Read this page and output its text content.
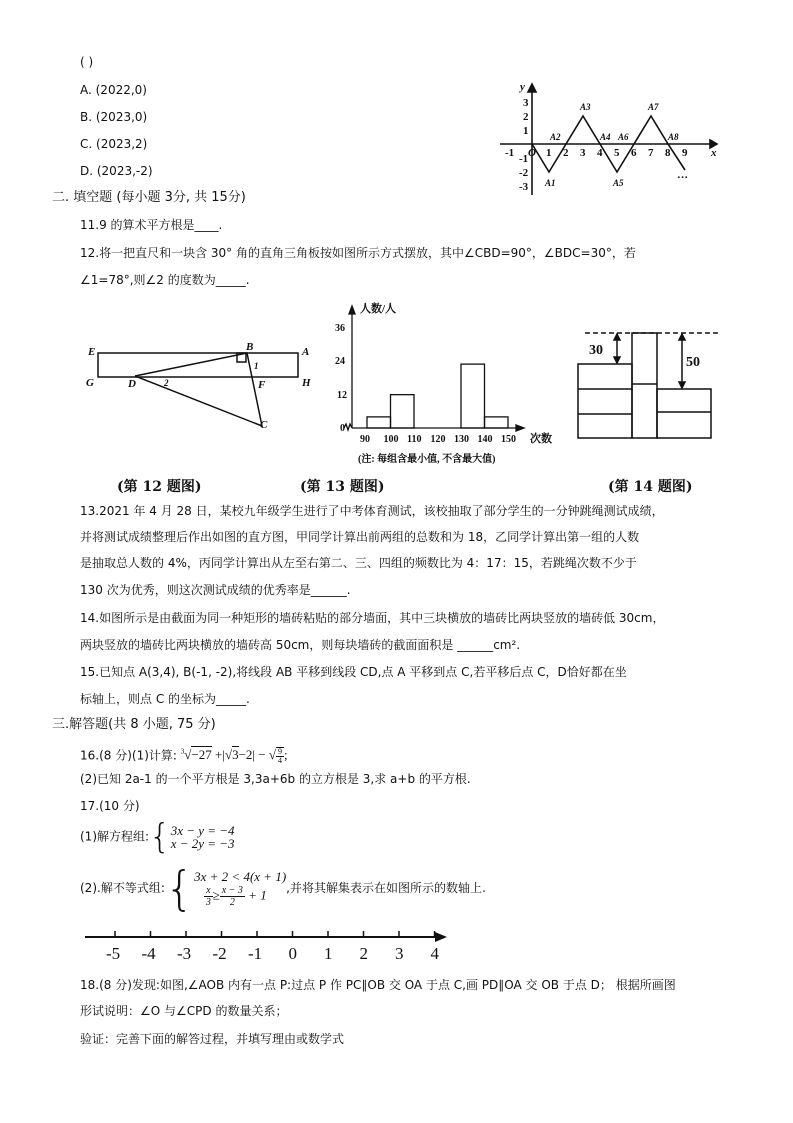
( )
A. (2022,0)
B. (2023,0)
C. (2023,2)
D. (2023,-2)
-1	1 2 3 4 5 6 7 8 9
3
2
1
-1
-2
-3
O	x
y
A1
A2
A3
A4
A5
A6
A7
A8
…
二. 填空题 (每小题 3分, 共 15分)
11.9 的算术平方根是____.
12.将一把直尺和一块含 30° 角的直角三角板按如图所示方式摆放，其中∠CBD=90°，∠BDC=30°，若
∠1=78°,则∠2 的度数为_____.
E	B	A
G	D	H
F
C
1
2
(第 12 题图)
人数/人
36
24
12
0
90 100 110 120 130 140 150 次数
(注: 每组含最小值, 不含最大值)
(第 13 题图)
30
50
(第 14 题图)
13.2021 年 4 月 28 日，某校九年级学生进行了中考体育测试，该校抽取了部分学生的一分钟跳绳测试成绩，
并将测试成绩整理后作出如图的直方图，甲同学计算出前两组的总数和为 18，乙同学计算出第一组的人数
是抽取总人数的 4%，丙同学计算出从左至右第二、三、四组的频数比为 4：17：15，若跳绳次数不少于
130 次为优秀，则这次测试成绩的优秀率是______.
14.如图所示是由截面为同一种矩形的墙砖粘贴的部分墙面，其中三块横放的墙砖比两块竖放的墙砖低 30cm，
两块竖放的墙砖比两块横放的墙砖高 50cm，则每块墙砖的截面面积是 ______cm².
15.已知点 A(3,4), B(-1, -2),将线段 AB 平移到线段 CD,点 A 平移到点 C,若平移后点 C，D恰好都在坐
标轴上，则点 C 的坐标为_____.
三.解答题(共 8 小题, 75 分)
16.(8 分)(1)计算: $^3$√−27 +|√3−2| − √ $\frac{9}{4}$ ;
(2)已知 2a-1 的一个平方根是 3,3a+6b 的立方根是 3,求 a+b 的平方根.
17.(10 分)
(1)解方程组:{ 3x − y = −4
x − 2y = −3
(2).解不等式组:{ 3x + 2 < 4(x + 1)
$\frac{x}{3} \ge \frac{x - 3}{2} + 1$	,并将其解集表示在如图所示的数轴上.
-5 -4 -3 -2 -1 0 1 2 3 4
18.(8 分)发现:如图,∠AOB 内有一点 P:过点 P 作 PC∥OB 交 OA 于点 C,画 PD∥OA 交 OB 于点 D； 根据所画图
形试说明：∠O 与∠CPD 的数量关系；
验证：完善下面的解答过程，并填写理由或数学式
